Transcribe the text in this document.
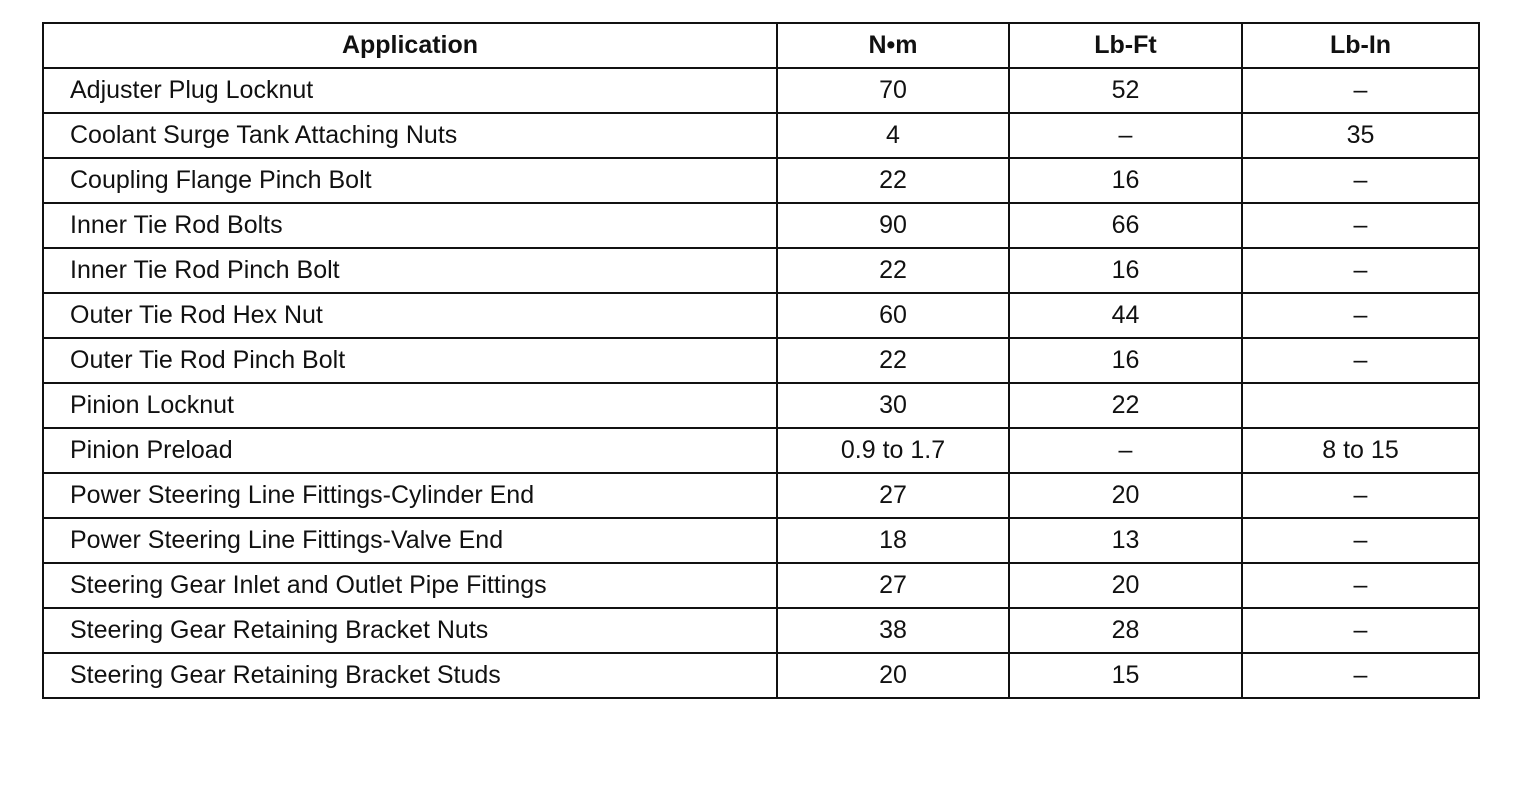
Application	N•m	Lb-Ft	Lb-In
Adjuster Plug Locknut	70	52	–
Coolant Surge Tank Attaching Nuts	4	–	35
Coupling Flange Pinch Bolt	22	16	–
Inner Tie Rod Bolts	90	66	–
Inner Tie Rod Pinch Bolt	22	16	–
Outer Tie Rod Hex Nut	60	44	–
Outer Tie Rod Pinch Bolt	22	16	–
Pinion Locknut	30	22	
Pinion Preload	0.9 to 1.7	–	8 to 15
Power Steering Line Fittings-Cylinder End	27	20	–
Power Steering Line Fittings-Valve End	18	13	–
Steering Gear Inlet and Outlet Pipe Fittings	27	20	–
Steering Gear Retaining Bracket Nuts	38	28	–
Steering Gear Retaining Bracket Studs	20	15	–
